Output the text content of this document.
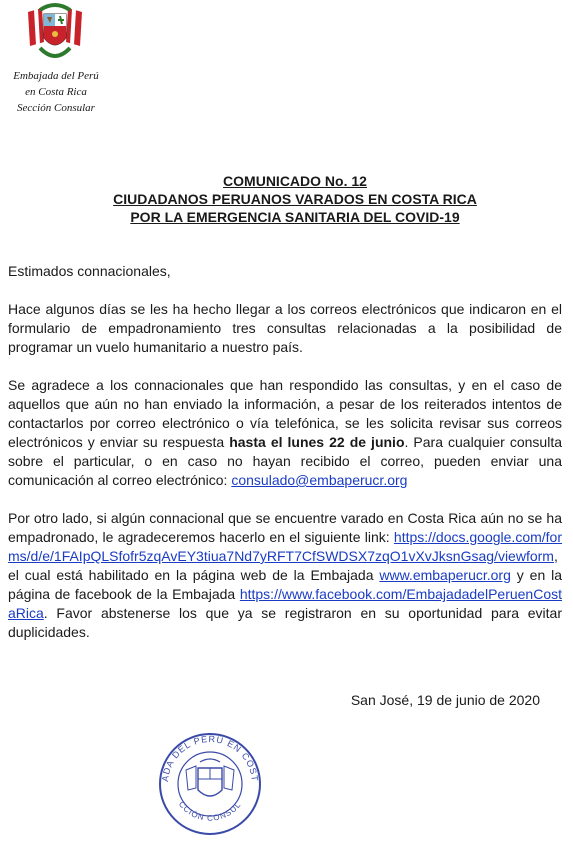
Embajada del Perú
en Costa Rica
Sección Consular
COMUNICADO No. 12
CIUDADANOS PERUANOS VARADOS EN COSTA RICA
POR LA EMERGENCIA SANITARIA DEL COVID-19

Estimados connacionales,

Hace algunos días se les ha hecho llegar a los correos electrónicos que indicaron en el formulario de empadronamiento tres consultas relacionadas a la posibilidad de programar un vuelo humanitario a nuestro país.

Se agradece a los connacionales que han respondido las consultas, y en el caso de aquellos que aún no han enviado la información, a pesar de los reiterados intentos de contactarlos por correo electrónico o vía telefónica, se les solicita revisar sus correos electrónicos y enviar su respuesta hasta el lunes 22 de junio. Para cualquier consulta sobre el particular, o en caso no hayan recibido el correo, pueden enviar una comunicación al correo electrónico: consulado@embaperucr.org

Por otro lado, si algún connacional que se encuentre varado en Costa Rica aún no se ha empadronado, le agradeceremos hacerlo en el siguiente link: https://docs.google.com/forms/d/e/1FAIpQLSfofr5zqAvEY3tiua7Nd7yRFT7CfSWDSX7zqO1vXvJksnGsag/viewform, el cual está habilitado en la página web de la Embajada www.embaperucr.org y en la página de facebook de la Embajada https://www.facebook.com/EmbajadadelPeruenCostaRica. Favor abstenerse los que ya se registraron en su oportunidad para evitar duplicidades.

San José, 19 de junio de 2020
ADA DEL PERÚ EN COST
CCIÓN CONSUL
